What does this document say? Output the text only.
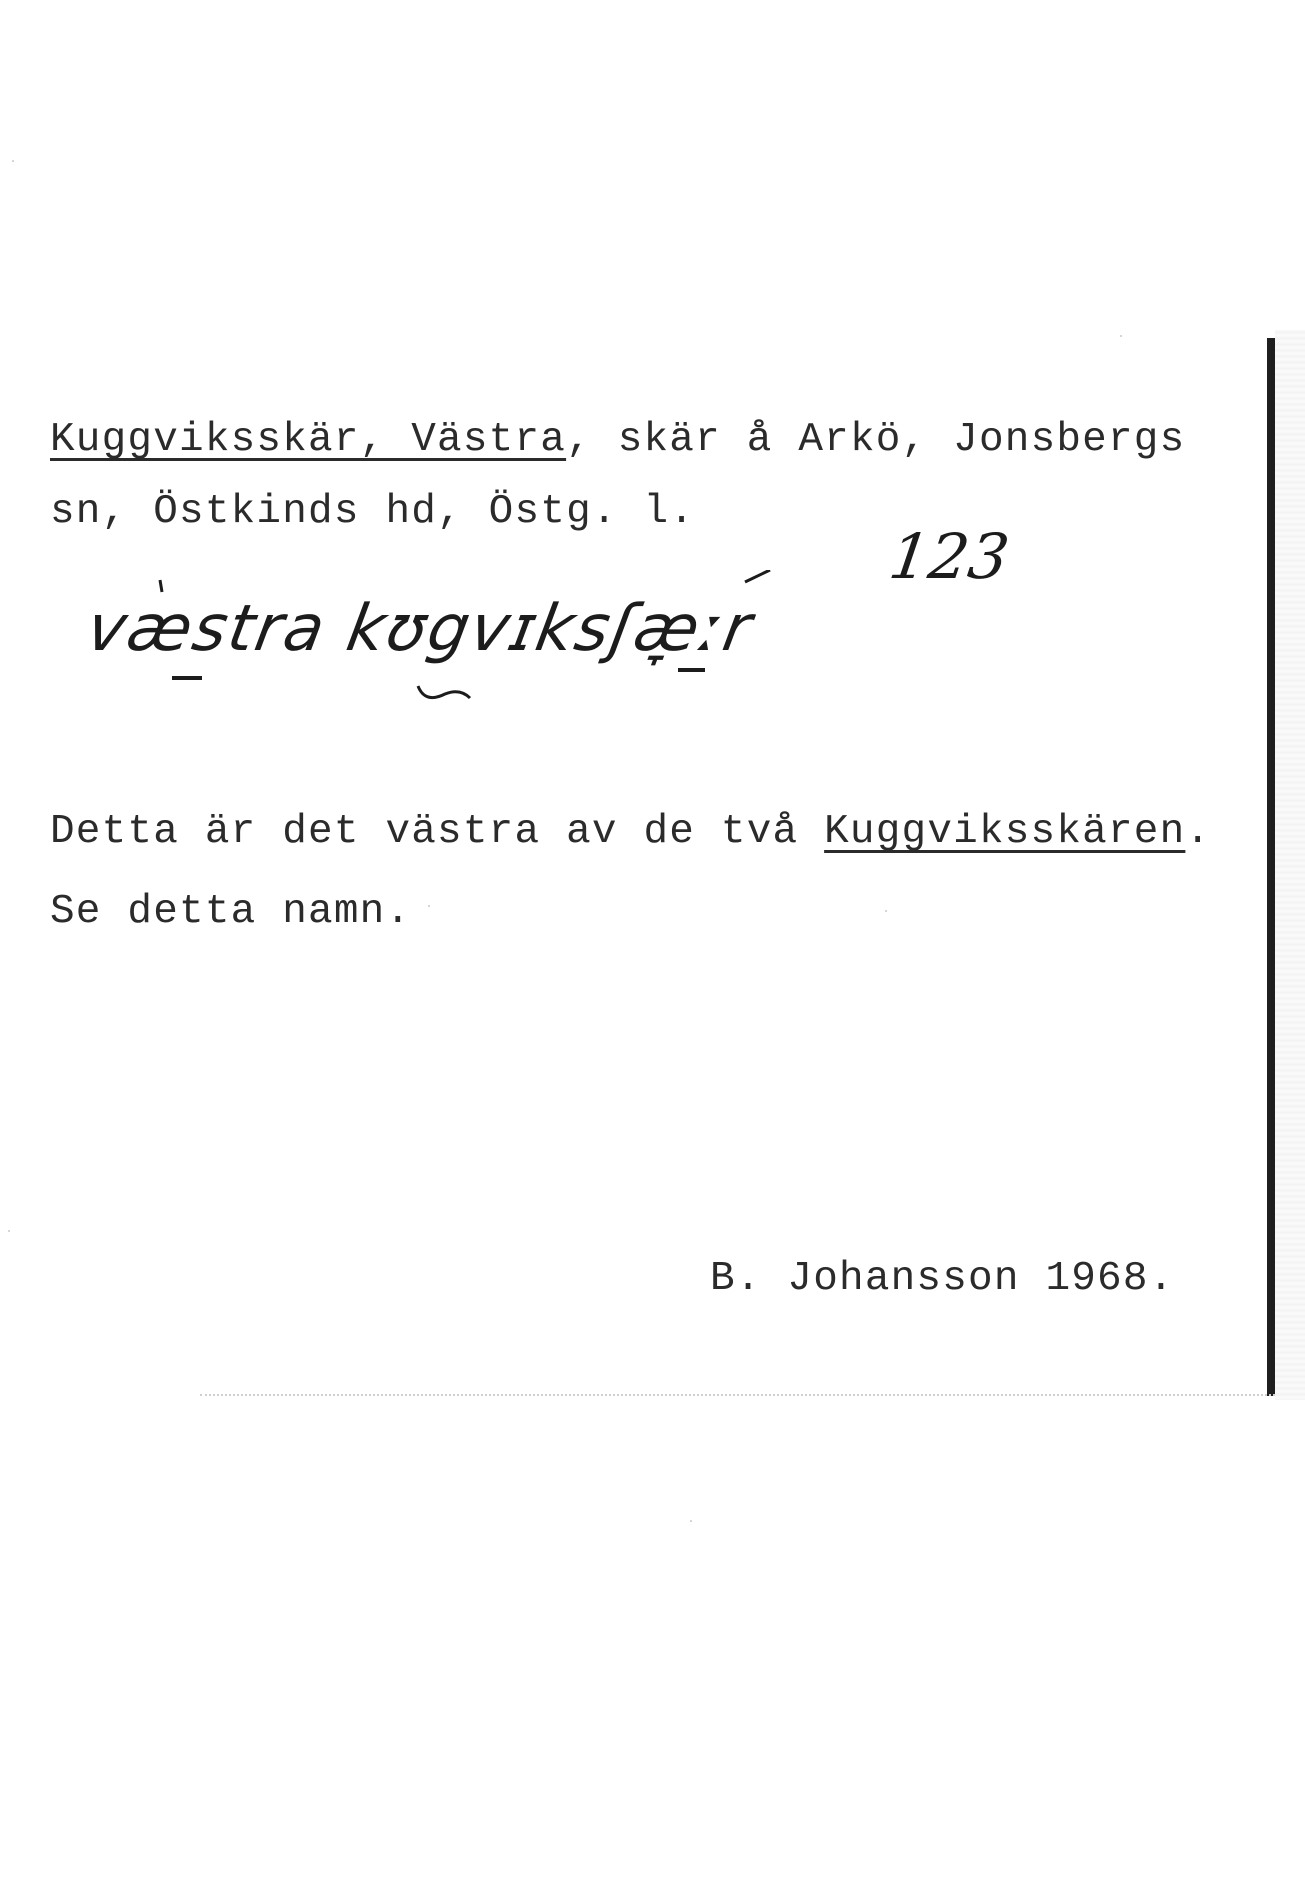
Kuggviksskär, Västra, skär å Arkö, Jonsbergs
sn, Östkinds hd, Östg. l.
123
væstra kʊgvɪksʃæ̞ːr
Detta är det västra av de två Kuggviksskären.
Se detta namn.
B. Johansson 1968.
